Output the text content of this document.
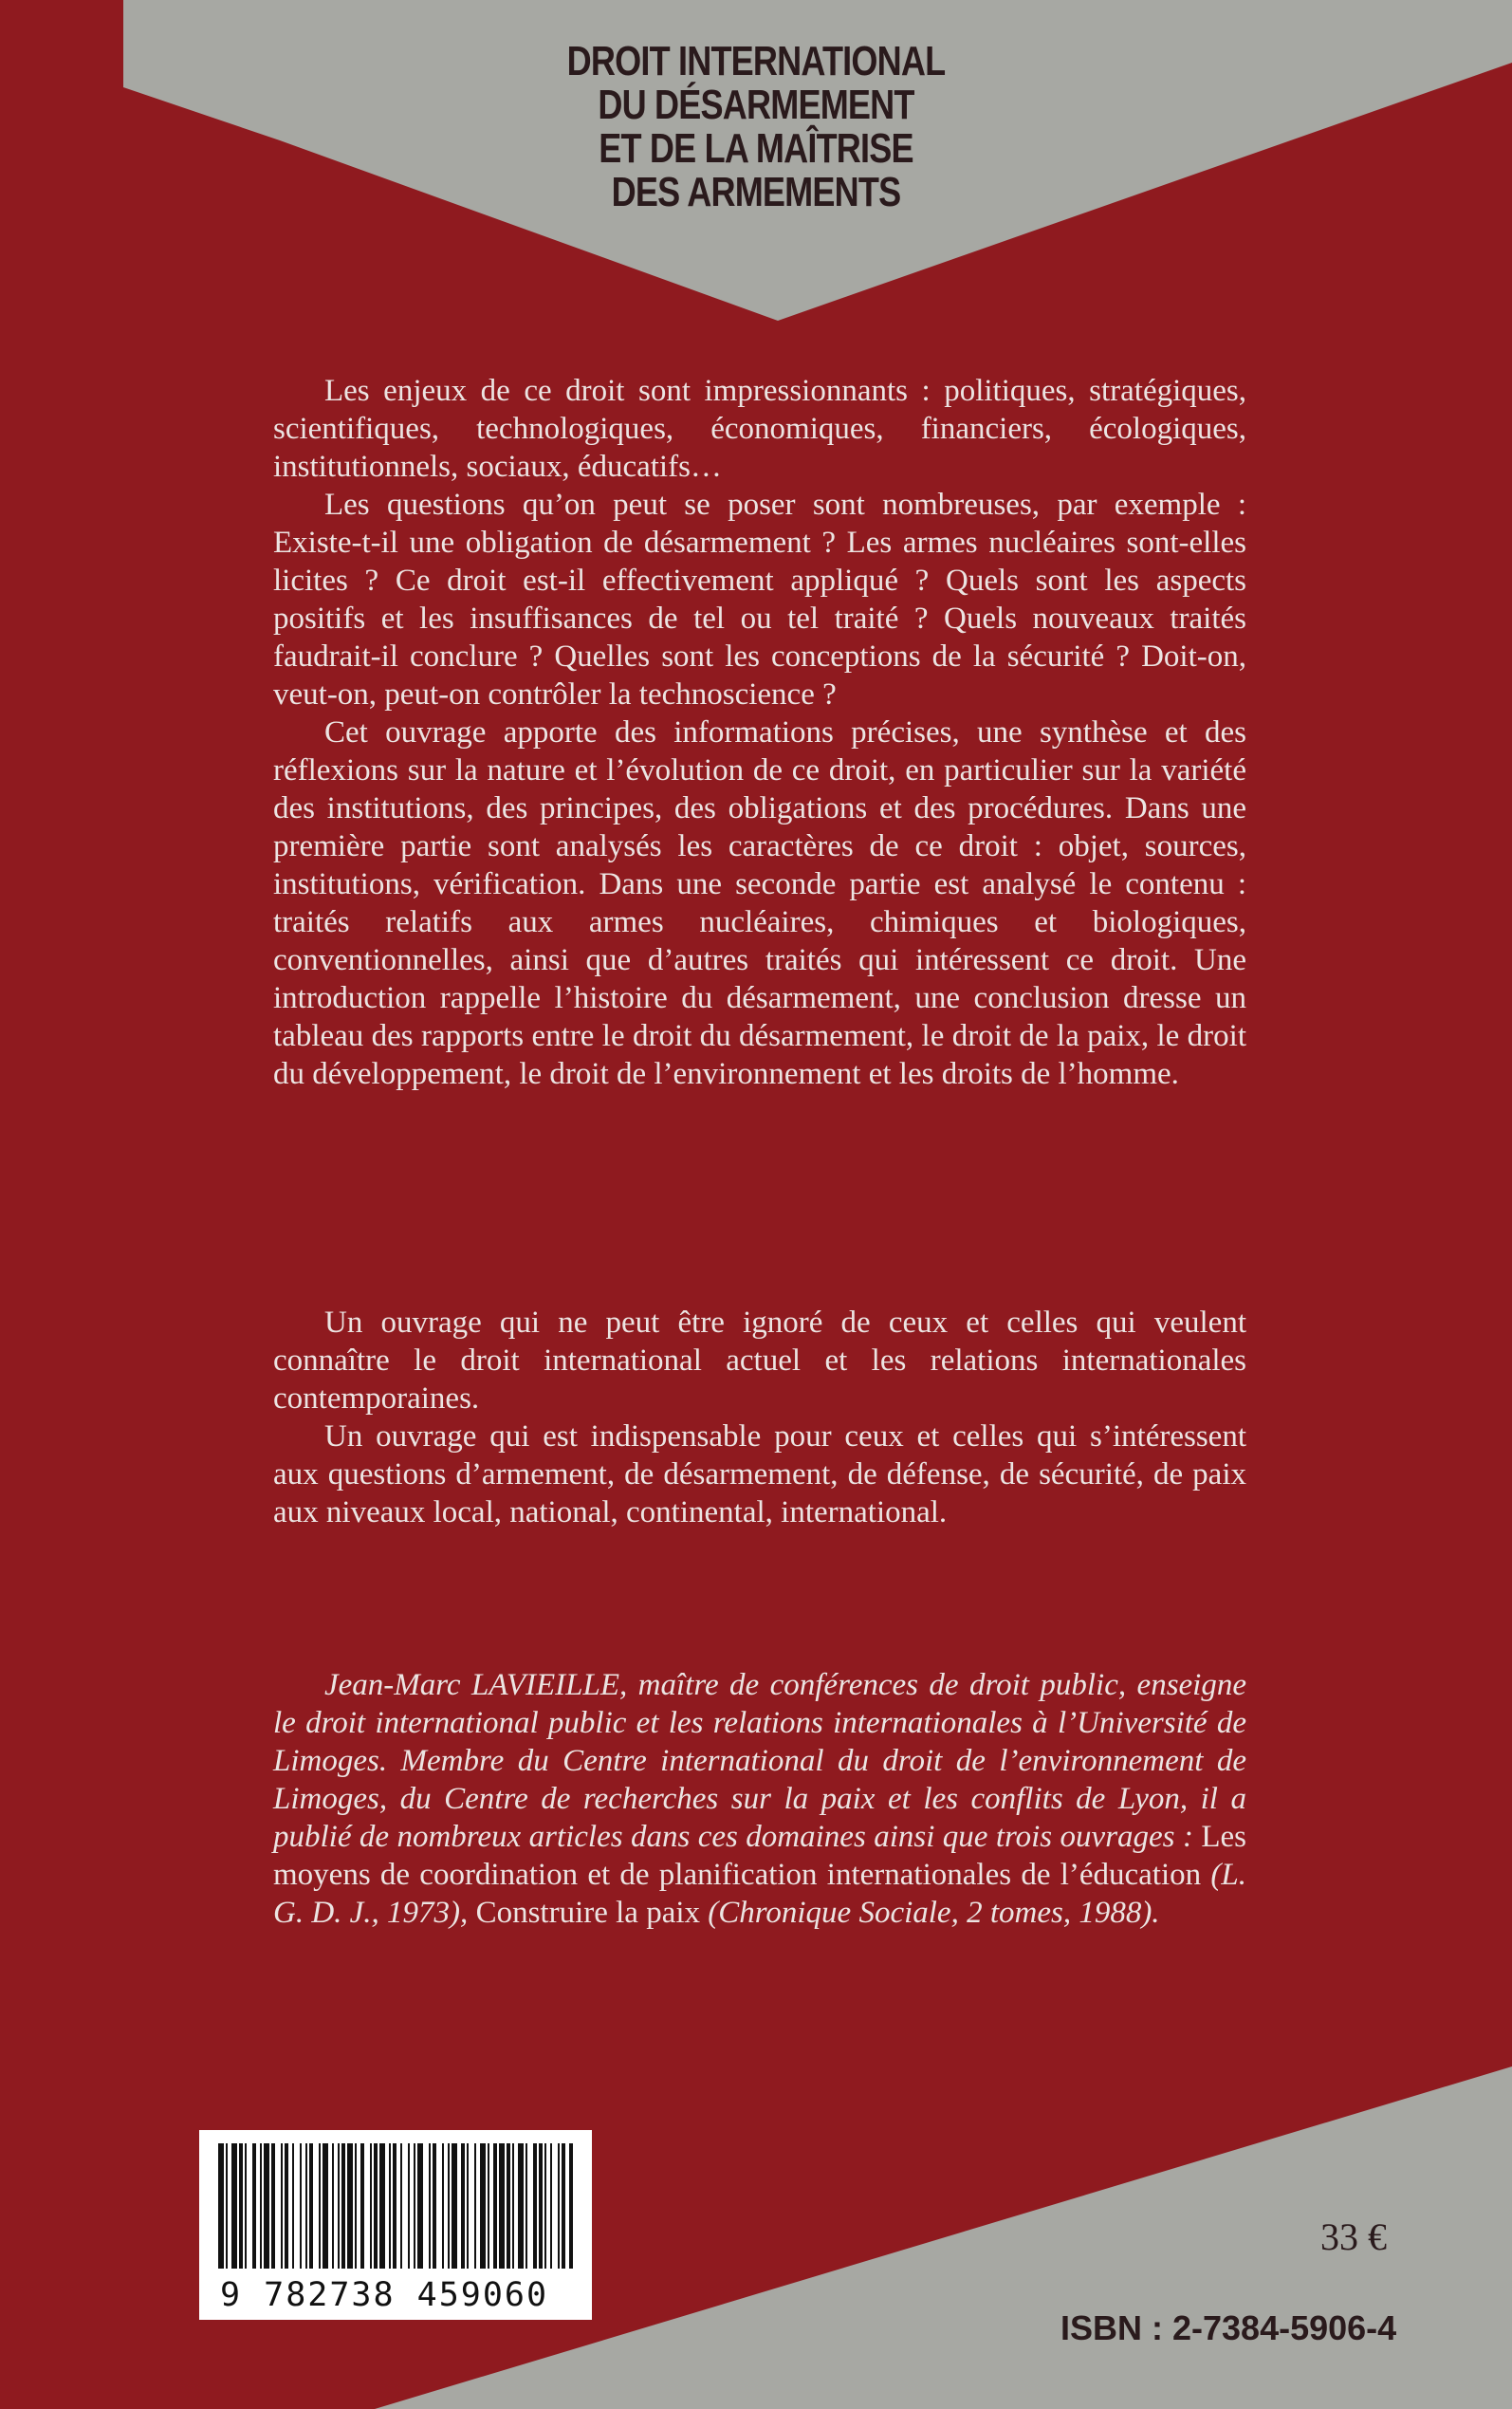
DROIT INTERNATIONAL
DU DÉSARMEMENT
ET DE LA MAÎTRISE
DES ARMEMENTS

Les enjeux de ce droit sont impressionnants : politiques, stratégiques, scientifiques, technologiques, économiques, financiers, écologiques, institutionnels, sociaux, éducatifs…

Les questions qu’on peut se poser sont nombreuses, par exemple : Existe-t-il une obligation de désarmement ? Les armes nucléaires sont-elles licites ? Ce droit est-il effectivement appliqué ? Quels sont les aspects positifs et les insuffisances de tel ou tel traité ? Quels nouveaux traités faudrait-il conclure ? Quelles sont les conceptions de la sécurité ? Doit-on, veut-on, peut-on contrôler la technoscience ?

Cet ouvrage apporte des informations précises, une synthèse et des réflexions sur la nature et l’évolution de ce droit, en particulier sur la variété des institutions, des principes, des obligations et des procédures. Dans une première partie sont analysés les caractères de ce droit : objet, sources, institutions, vérification. Dans une seconde partie est analysé le contenu : traités relatifs aux armes nucléaires, chimiques et biologiques, conventionnelles, ainsi que d’autres traités qui intéressent ce droit. Une introduction rappelle l’histoire du désarmement, une conclusion dresse un tableau des rapports entre le droit du désarmement, le droit de la paix, le droit du développement, le droit de l’environnement et les droits de l’homme.

Un ouvrage qui ne peut être ignoré de ceux et celles qui veulent connaître le droit international actuel et les relations internationales contemporaines.

Un ouvrage qui est indispensable pour ceux et celles qui s’intéressent aux questions d’armement, de désarmement, de défense, de sécurité, de paix aux niveaux local, national, continental, international.

Jean-Marc LAVIEILLE, maître de conférences de droit public, enseigne le droit international public et les relations internationales à l’Université de Limoges. Membre du Centre international du droit de l’environnement de Limoges, du Centre de recherches sur la paix et les conflits de Lyon, il a publié de nombreux articles dans ces domaines ainsi que trois ouvrages : Les moyens de coordination et de planification internationales de l’éducation (L. G. D. J., 1973), Construire la paix (Chronique Sociale, 2 tomes, 1988).

9 782738 459060
33 €
ISBN : 2-7384-5906-4
